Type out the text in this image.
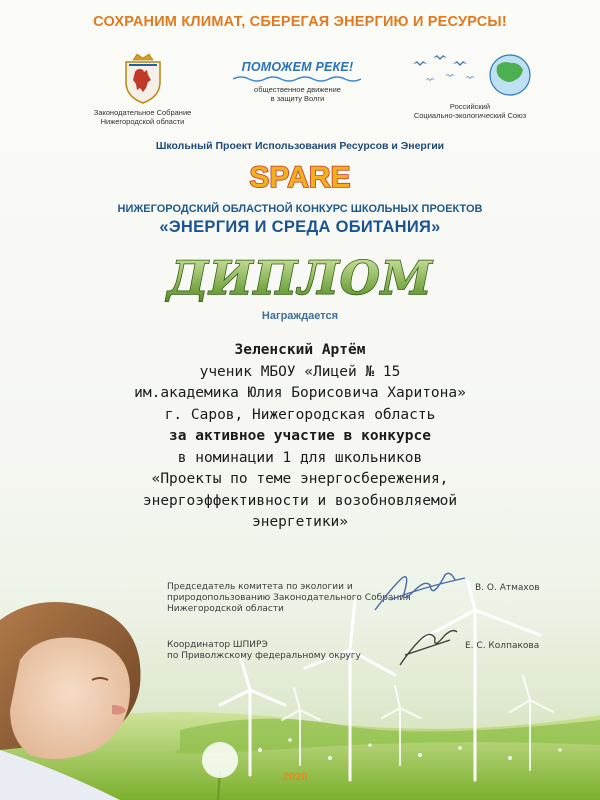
СОХРАНИМ КЛИМАТ, СБЕРЕГАЯ ЭНЕРГИЮ И РЕСУРСЫ!
Законодательное Собрание
Нижегородской области
ПОМОЖЕМ РЕКЕ!
общественное движение
в защиту Волги
Российский
Социально-экологический Союз
Школьный Проект Использования Ресурсов и Энергии
SPARE
НИЖЕГОРОДСКИЙ ОБЛАСТНОЙ КОНКУРС ШКОЛЬНЫХ ПРОЕКТОВ
«ЭНЕРГИЯ И СРЕДА ОБИТАНИЯ»
ДИПЛОМ
Награждается
Зеленский Артём
ученик МБОУ «Лицей № 15
им.академика Юлия Борисовича Харитона»
г. Саров, Нижегородская область
за активное участие в конкурсе
в номинации 1 для школьников
«Проекты по теме энергосбережения,
энергоэффективности и возобновляемой
энергетики»
Председатель комитета по экологии и
природопользованию Законодательного Собрания
Нижегородской области
В. О. Атмахов
Координатор ШПИРЭ
по Приволжскому федеральному округу
Е. С. Колпакова
2020
